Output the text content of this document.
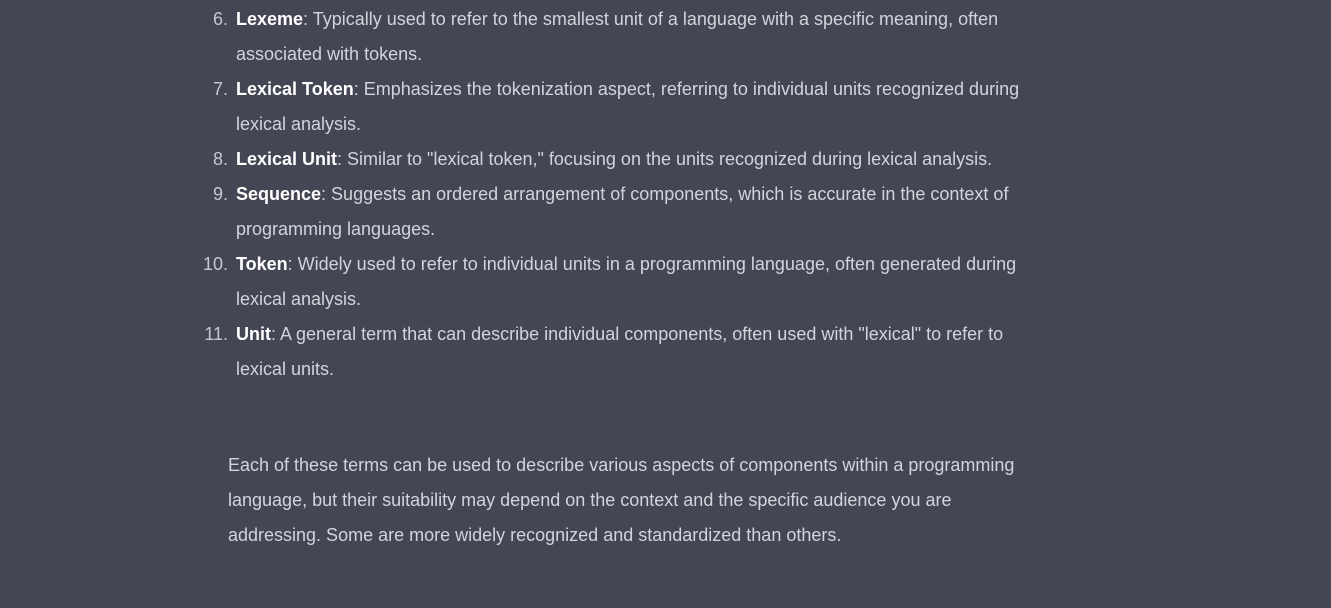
6. Lexeme: Typically used to refer to the smallest unit of a language with a specific meaning, often associated with tokens.
7. Lexical Token: Emphasizes the tokenization aspect, referring to individual units recognized during lexical analysis.
8. Lexical Unit: Similar to "lexical token," focusing on the units recognized during lexical analysis.
9. Sequence: Suggests an ordered arrangement of components, which is accurate in the context of programming languages.
10. Token: Widely used to refer to individual units in a programming language, often generated during lexical analysis.
11. Unit: A general term that can describe individual components, often used with "lexical" to refer to lexical units.

Each of these terms can be used to describe various aspects of components within a programming language, but their suitability may depend on the context and the specific audience you are addressing. Some are more widely recognized and standardized than others.
